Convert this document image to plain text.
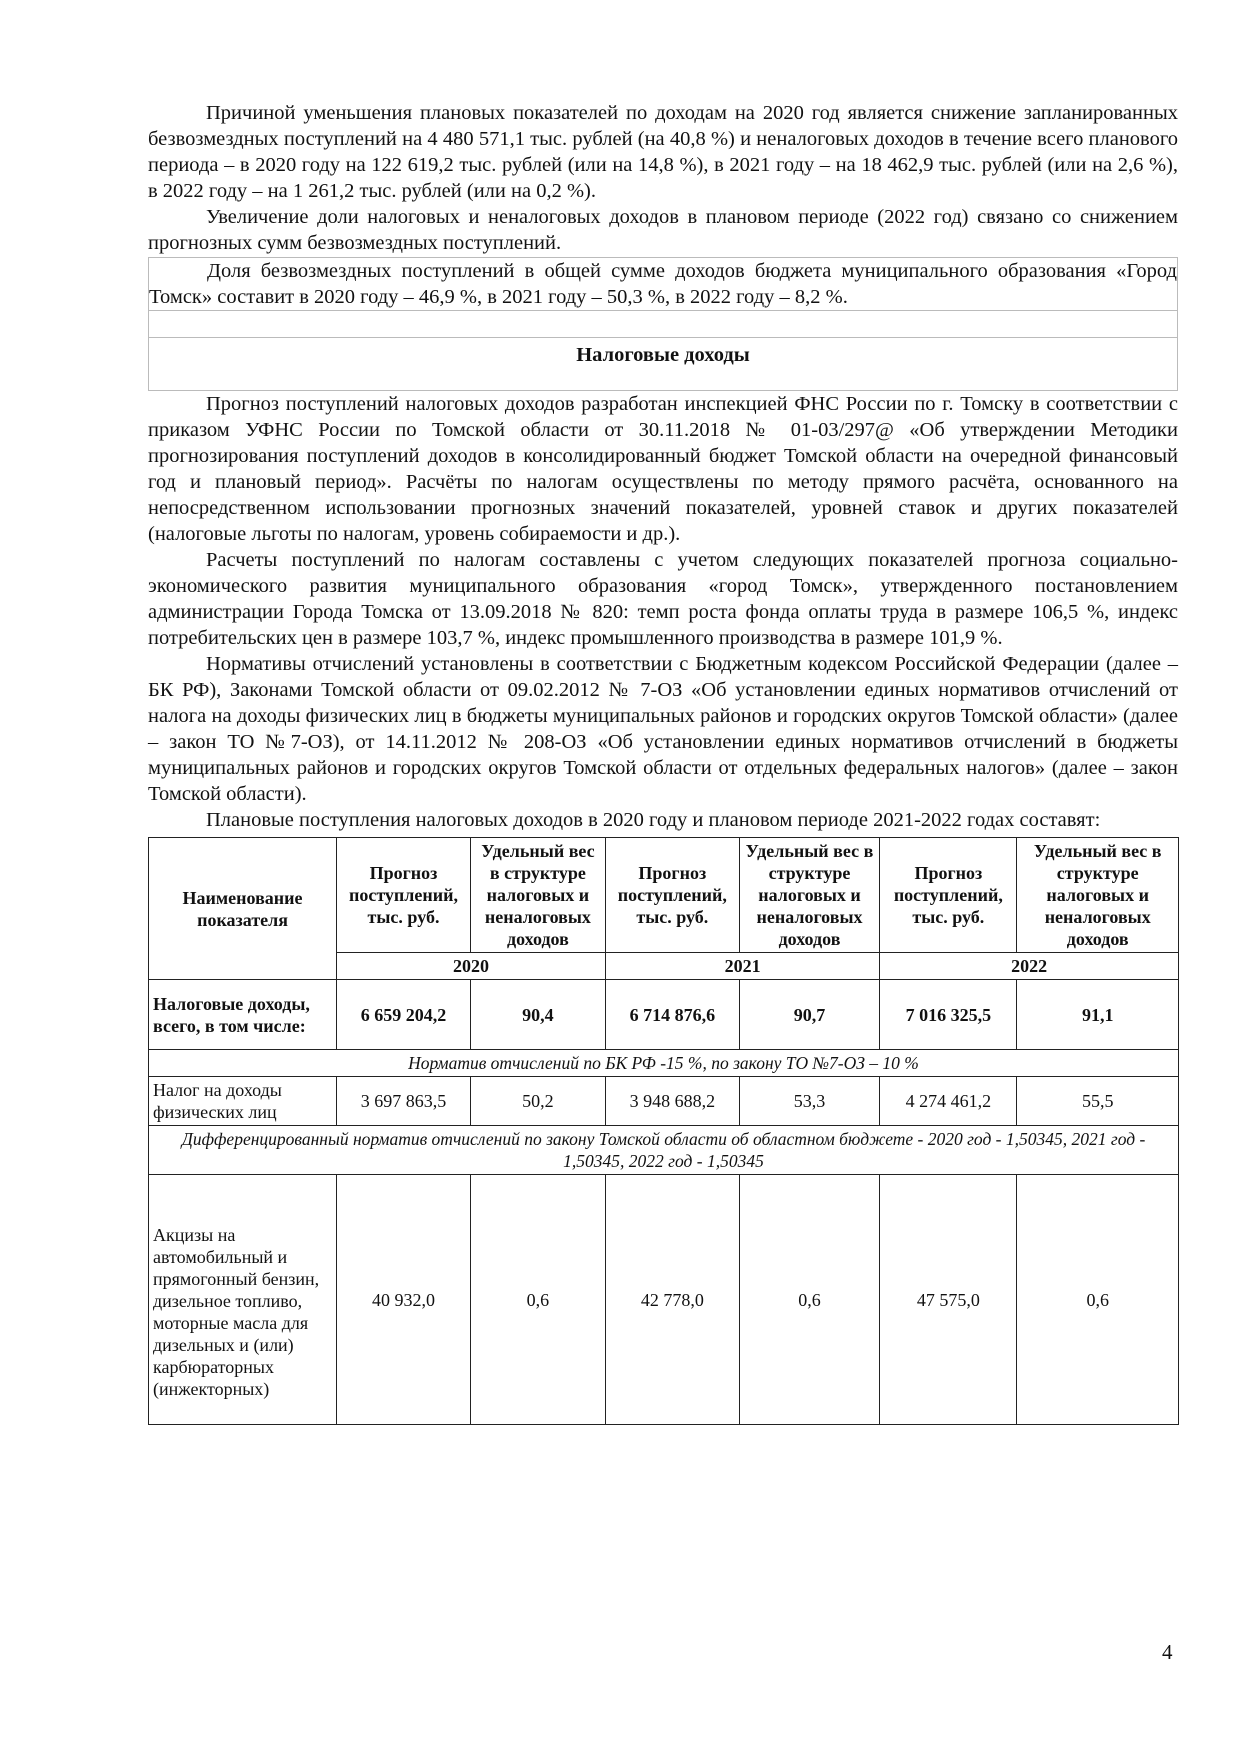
Причиной уменьшения плановых показателей по доходам на 2020 год является снижение запланированных безвозмездных поступлений на 4 480 571,1 тыс. рублей (на 40,8 %) и неналоговых доходов в течение всего планового периода – в 2020 году на 122 619,2 тыс. рублей (или на 14,8 %), в 2021 году – на 18 462,9 тыс. рублей (или на 2,6 %), в 2022 году – на 1 261,2 тыс. рублей (или на 0,2 %).

Увеличение доли налоговых и неналоговых доходов в плановом периоде (2022 год) связано со снижением прогнозных сумм безвозмездных поступлений.

Доля безвозмездных поступлений в общей сумме доходов бюджета муниципального образования «Город Томск» составит в 2020 году – 46,9 %, в 2021 году – 50,3 %, в 2022 году – 8,2 %.

Налоговые доходы

Прогноз поступлений налоговых доходов разработан инспекцией ФНС России по г. Томску в соответствии с приказом УФНС России по Томской области от 30.11.2018 № 01-03/297@ «Об утверждении Методики прогнозирования поступлений доходов в консолидированный бюджет Томской области на очередной финансовый год и плановый период». Расчёты по налогам осуществлены по методу прямого расчёта, основанного на непосредственном использовании прогнозных значений показателей, уровней ставок и других показателей (налоговые льготы по налогам, уровень собираемости и др.).

Расчеты поступлений по налогам составлены с учетом следующих показателей прогноза социально-экономического развития муниципального образования «город Томск», утвержденного постановлением администрации Города Томска от 13.09.2018 № 820: темп роста фонда оплаты труда в размере 106,5 %, индекс потребительских цен в размере 103,7 %, индекс промышленного производства в размере 101,9 %.

Нормативы отчислений установлены в соответствии с Бюджетным кодексом Российской Федерации (далее – БК РФ), Законами Томской области от 09.02.2012 № 7-ОЗ «Об установлении единых нормативов отчислений от налога на доходы физических лиц в бюджеты муниципальных районов и городских округов Томской области» (далее – закон ТО №7-ОЗ), от 14.11.2012 № 208-ОЗ «Об установлении единых нормативов отчислений в бюджеты муниципальных районов и городских округов Томской области от отдельных федеральных налогов» (далее – закон Томской области).

Плановые поступления налоговых доходов в 2020 году и плановом периоде 2021-2022 годах составят:

Наименование показателя	Прогноз поступлений, тыс. руб.	Удельный вес в структуре налоговых и неналоговых доходов	Прогноз поступлений, тыс. руб.	Удельный вес в структуре налоговых и неналоговых доходов	Прогноз поступлений, тыс. руб.	Удельный вес в структуре налоговых и неналоговых доходов
	2020		2021		2022	
Налоговые доходы, всего, в том числе:	6 659 204,2	90,4	6 714 876,6	90,7	7 016 325,5	91,1
Норматив отчислений по БК РФ -15 %, по закону ТО №7-ОЗ – 10 %						
Налог на доходы физических лиц	3 697 863,5	50,2	3 948 688,2	53,3	4 274 461,2	55,5
Дифференцированный норматив отчислений по закону Томской области об областном бюджете - 2020 год - 1,50345, 2021 год - 1,50345, 2022 год - 1,50345						
Акцизы на автомобильный и прямогонный бензин, дизельное топливо, моторные масла для дизельных и (или) карбюраторных (инжекторных)	40 932,0	0,6	42 778,0	0,6	47 575,0	0,6
4
